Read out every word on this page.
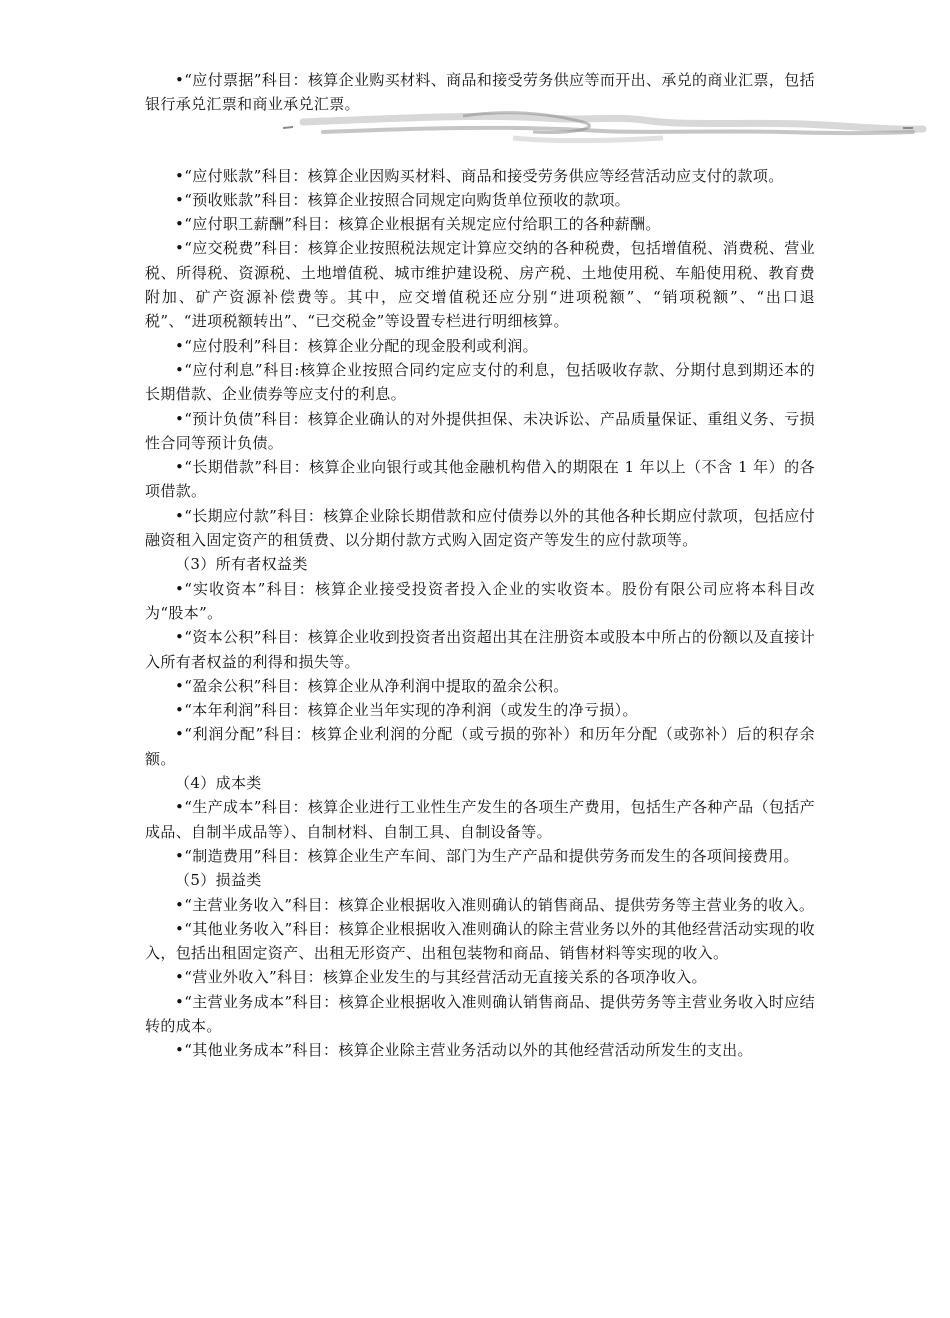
•“应付票据”科目：核算企业购买材料、商品和接受劳务供应等而开出、承兑的商业汇票，包括银行承兑汇票和商业承兑汇票。

•“应付账款”科目：核算企业因购买材料、商品和接受劳务供应等经营活动应支付的款项。

•“预收账款”科目：核算企业按照合同规定向购货单位预收的款项。

•“应付职工薪酬”科目：核算企业根据有关规定应付给职工的各种薪酬。

•“应交税费”科目：核算企业按照税法规定计算应交纳的各种税费，包括增值税、消费税、营业税、所得税、资源税、土地增值税、城市维护建设税、房产税、土地使用税、车船使用税、教育费附加、矿产资源补偿费等。其中，应交增值税还应分别“进项税额”、“销项税额”、“出口退税”、“进项税额转出”、“已交税金”等设置专栏进行明细核算。

•“应付股利”科目：核算企业分配的现金股利或利润。

•“应付利息”科目:核算企业按照合同约定应支付的利息，包括吸收存款、分期付息到期还本的长期借款、企业债券等应支付的利息。

•“预计负债”科目：核算企业确认的对外提供担保、未决诉讼、产品质量保证、重组义务、亏损性合同等预计负债。

•“长期借款”科目：核算企业向银行或其他金融机构借入的期限在 1 年以上（不含 1 年）的各项借款。

•“长期应付款”科目：核算企业除长期借款和应付债券以外的其他各种长期应付款项，包括应付融资租入固定资产的租赁费、以分期付款方式购入固定资产等发生的应付款项等。

（3）所有者权益类

•“实收资本”科目：核算企业接受投资者投入企业的实收资本。股份有限公司应将本科目改为“股本”。

•“资本公积”科目：核算企业收到投资者出资超出其在注册资本或股本中所占的份额以及直接计入所有者权益的利得和损失等。

•“盈余公积”科目：核算企业从净利润中提取的盈余公积。

•“本年利润”科目：核算企业当年实现的净利润（或发生的净亏损）。

•“利润分配”科目：核算企业利润的分配（或亏损的弥补）和历年分配（或弥补）后的积存余额。

（4）成本类

•“生产成本”科目：核算企业进行工业性生产发生的各项生产费用，包括生产各种产品（包括产成品、自制半成品等）、自制材料、自制工具、自制设备等。

•“制造费用”科目：核算企业生产车间、部门为生产产品和提供劳务而发生的各项间接费用。

（5）损益类

•“主营业务收入”科目：核算企业根据收入准则确认的销售商品、提供劳务等主营业务的收入。

•“其他业务收入”科目：核算企业根据收入准则确认的除主营业务以外的其他经营活动实现的收入，包括出租固定资产、出租无形资产、出租包装物和商品、销售材料等实现的收入。

•“营业外收入”科目：核算企业发生的与其经营活动无直接关系的各项净收入。

•“主营业务成本”科目：核算企业根据收入准则确认销售商品、提供劳务等主营业务收入时应结转的成本。

•“其他业务成本”科目：核算企业除主营业务活动以外的其他经营活动所发生的支出。
